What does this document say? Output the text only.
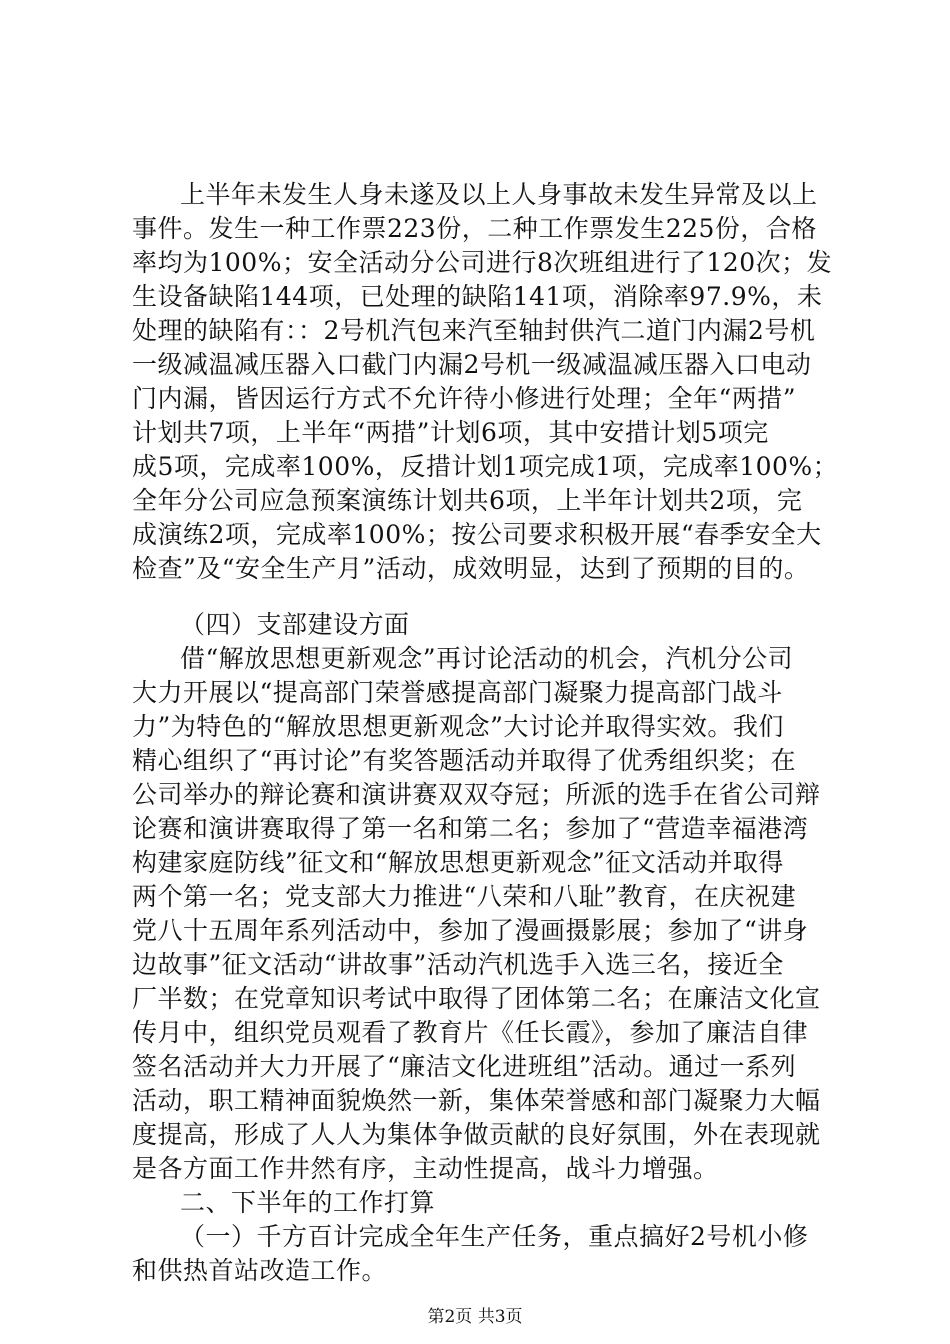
上半年未发生人身未遂及以上人身事故未发生异常及以上
事件。发生一种工作票223份，二种工作票发生225份，合格
率均为100%；安全活动分公司进行8次班组进行了120次；发
生设备缺陷144项，已处理的缺陷141项，消除率97.9%，未
处理的缺陷有：：2号机汽包来汽至轴封供汽二道门内漏2号机
一级减温减压器入口截门内漏2号机一级减温减压器入口电动
门内漏，皆因运行方式不允许待小修进行处理；全年“两措”
计划共7项，上半年“两措”计划6项，其中安措计划5项完
成5项，完成率100%，反措计划1项完成1项，完成率100%；
全年分公司应急预案演练计划共6项，上半年计划共2项，完
成演练2项，完成率100%；按公司要求积极开展“春季安全大
检查”及“安全生产月”活动，成效明显，达到了预期的目的。
（四）支部建设方面
借“解放思想更新观念”再讨论活动的机会，汽机分公司
大力开展以“提高部门荣誉感提高部门凝聚力提高部门战斗
力”为特色的“解放思想更新观念”大讨论并取得实效。我们
精心组织了“再讨论”有奖答题活动并取得了优秀组织奖；在
公司举办的辩论赛和演讲赛双双夺冠；所派的选手在省公司辩
论赛和演讲赛取得了第一名和第二名；参加了“营造幸福港湾
构建家庭防线”征文和“解放思想更新观念”征文活动并取得
两个第一名；党支部大力推进“八荣和八耻”教育，在庆祝建
党八十五周年系列活动中，参加了漫画摄影展；参加了“讲身
边故事”征文活动“讲故事”活动汽机选手入选三名，接近全
厂半数；在党章知识考试中取得了团体第二名；在廉洁文化宣
传月中，组织党员观看了教育片《任长霞》，参加了廉洁自律
签名活动并大力开展了“廉洁文化进班组”活动。通过一系列
活动，职工精神面貌焕然一新，集体荣誉感和部门凝聚力大幅
度提高，形成了人人为集体争做贡献的良好氛围，外在表现就
是各方面工作井然有序，主动性提高，战斗力增强。
二、下半年的工作打算
（一）千方百计完成全年生产任务，重点搞好2号机小修
和供热首站改造工作。
第2页 共3页
